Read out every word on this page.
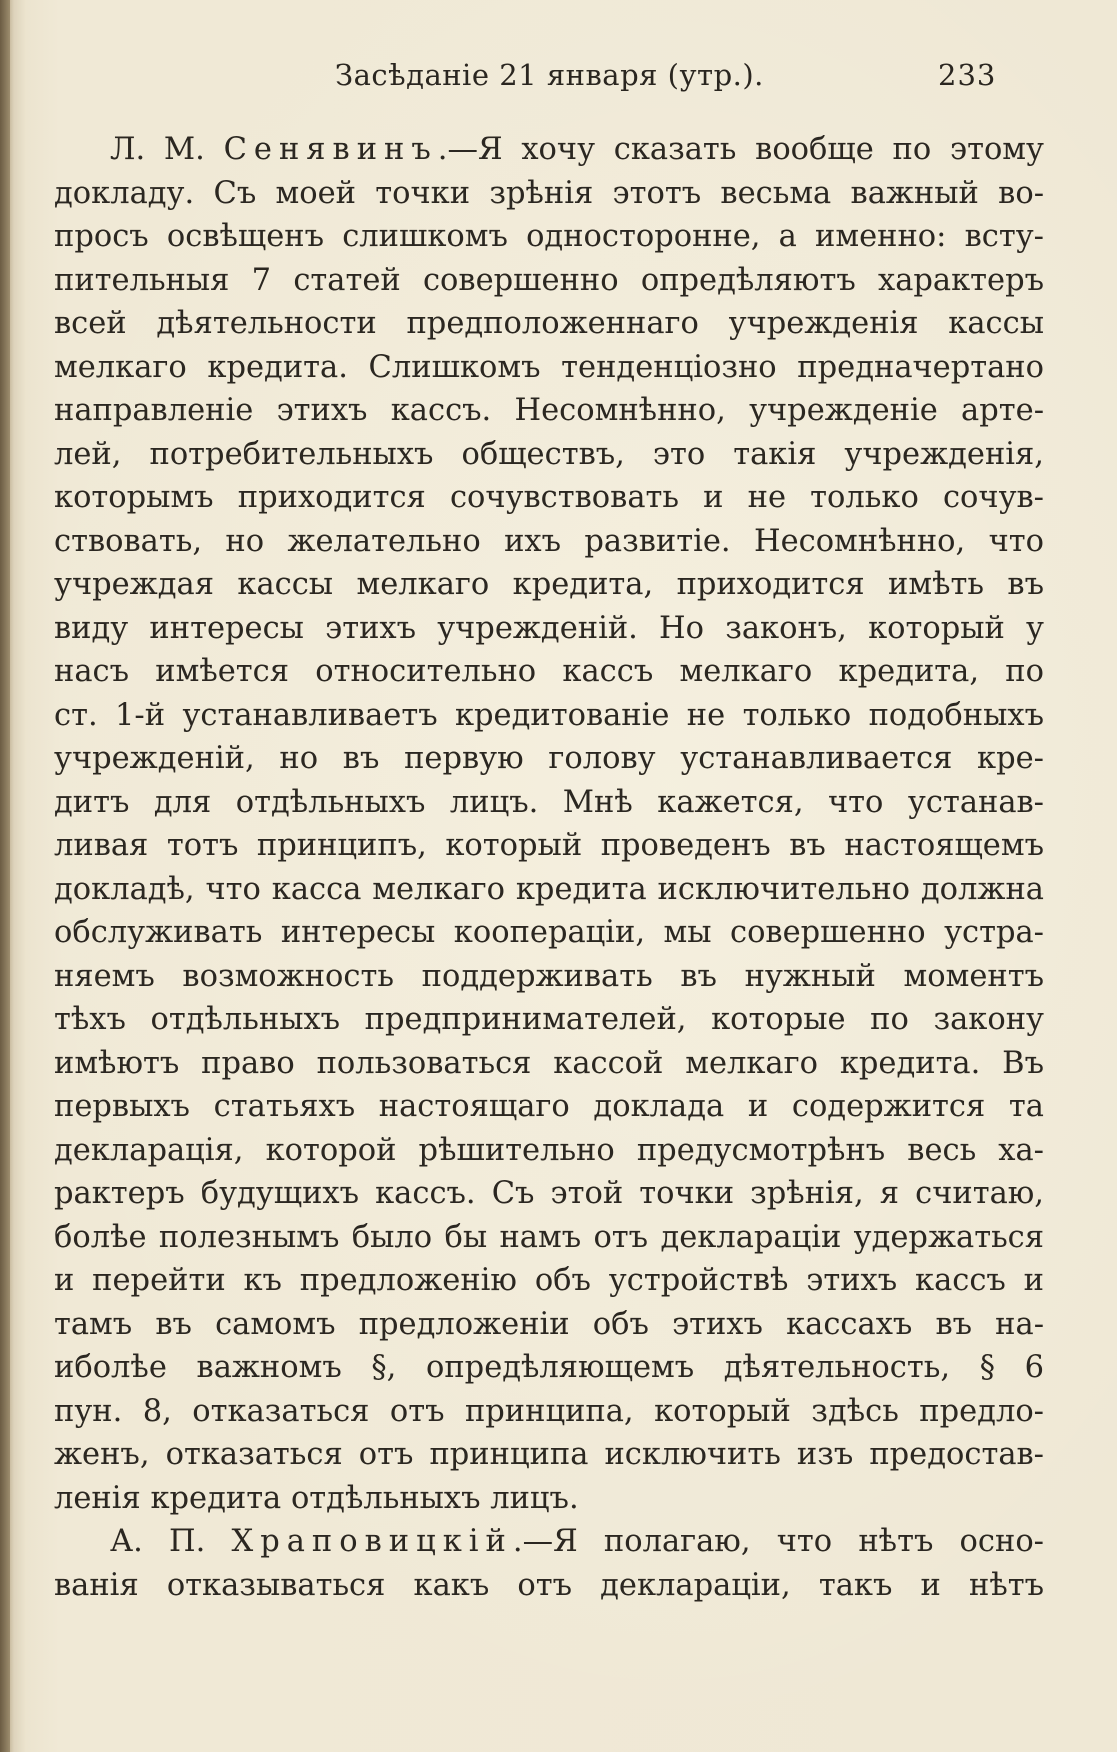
Засѣданіе 21 января (утр.).	233
Л. М. Сенявинъ.—Я хочу сказать вообще по этому
докладу. Съ моей точки зрѣнія этотъ весьма важный во-
просъ освѣщенъ слишкомъ односторонне, а именно: всту-
пительныя 7 статей совершенно опредѣляютъ характеръ
всей дѣятельности предположеннаго учрежденія кассы
мелкаго кредита. Слишкомъ тенденціозно предначертано
направленіе этихъ кассъ. Несомнѣнно, учрежденіе арте-
лей, потребительныхъ обществъ, это такія учрежденія,
которымъ приходится сочувствовать и не только сочув-
ствовать, но желательно ихъ развитіе. Несомнѣнно, что
учреждая кассы мелкаго кредита, приходится имѣть въ
виду интересы этихъ учрежденій. Но законъ, который у
насъ имѣется относительно кассъ мелкаго кредита, по
ст. 1-й устанавливаетъ кредитованіе не только подобныхъ
учрежденій, но въ первую голову устанавливается кре-
дитъ для отдѣльныхъ лицъ. Мнѣ кажется, что устанав-
ливая тотъ принципъ, который проведенъ въ настоящемъ
докладѣ, что касса мелкаго кредита исключительно должна
обслуживать интересы коопераціи, мы совершенно устра-
няемъ возможность поддерживать въ нужный моментъ
тѣхъ отдѣльныхъ предпринимателей, которые по закону
имѣютъ право пользоваться кассой мелкаго кредита. Въ
первыхъ статьяхъ настоящаго доклада и содержится та
декларація, которой рѣшительно предусмотрѣнъ весь ха-
рактеръ будущихъ кассъ. Съ этой точки зрѣнія, я считаю,
болѣе полезнымъ было бы намъ отъ деклараціи удержаться
и перейти къ предложенію объ устройствѣ этихъ кассъ и
тамъ въ самомъ предложеніи объ этихъ кассахъ въ на-
иболѣе важномъ §, опредѣляющемъ дѣятельность, § 6
пун. 8, отказаться отъ принципа, который здѣсь предло-
женъ, отказаться отъ принципа исключить изъ предостав-
ленія кредита отдѣльныхъ лицъ.
А. П. Храповицкій.—Я полагаю, что нѣтъ осно-
ванія отказываться какъ отъ деклараціи, такъ и нѣтъ
